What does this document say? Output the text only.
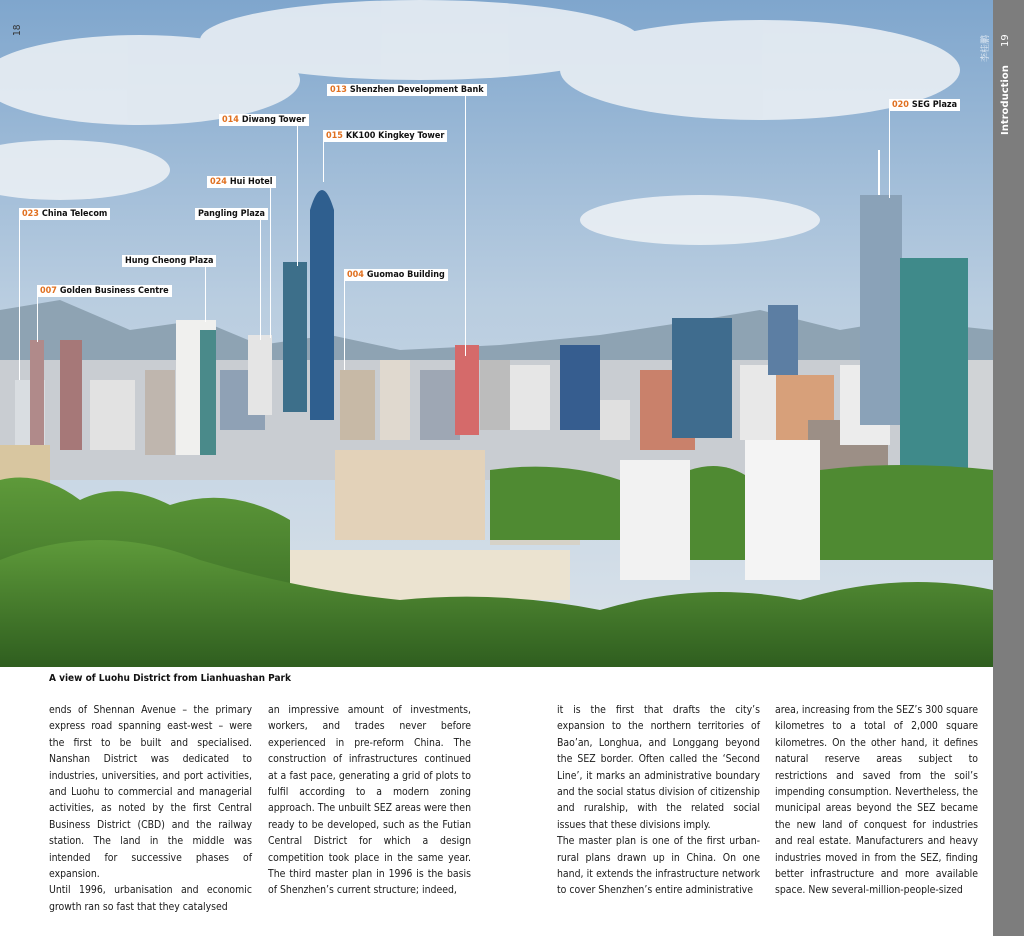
013 Shenzhen Development Bank
014 Diwang Tower
015 KK100 Kingkey Tower
020 SEG Plaza
024 Hui Hotel
Pangling Plaza
023 China Telecom
Hung Cheong Plaza
004 Guomao Building
007 Golden Business Centre
18
19
Introduction
李桂鹏
A view of Luohu District from Lianhuashan Park

ends of Shennan Avenue – the primary express road spanning east-west – were the first to be built and specialised. Nanshan District was dedicated to industries, universities, and port activities, and Luohu to commercial and managerial activities, as noted by the first Central Business District (CBD) and the railway station. The land in the middle was intended for successive phases of expansion.

Until 1996, urbanisation and economic growth ran so fast that they catalysed

an impressive amount of investments, workers, and trades never before experienced in pre-reform China. The construction of infrastructures continued at a fast pace, generating a grid of plots to fulfil according to a modern zoning approach. The unbuilt SEZ areas were then ready to be developed, such as the Futian Central District for which a design competition took place in the same year. The third master plan in 1996 is the basis of Shenzhen’s current structure; indeed,

it is the first that drafts the city’s expansion to the northern territories of Bao’an, Longhua, and Longgang beyond the SEZ border. Often called the ‘Second Line’, it marks an administrative boundary and the social status division of citizenship and ruralship, with the related social issues that these divisions imply.

The master plan is one of the first urban-rural plans drawn up in China. On one hand, it extends the infrastructure network to cover Shenzhen’s entire administrative

area, increasing from the SEZ’s 300 square kilometres to a total of 2,000 square kilometres. On the other hand, it defines natural reserve areas subject to restrictions and saved from the soil’s impending consumption. Nevertheless, the municipal areas beyond the SEZ became the new land of conquest for industries and real estate. Manufacturers and heavy industries moved in from the SEZ, finding better infrastructure and more available space. New several-million-people-sized
